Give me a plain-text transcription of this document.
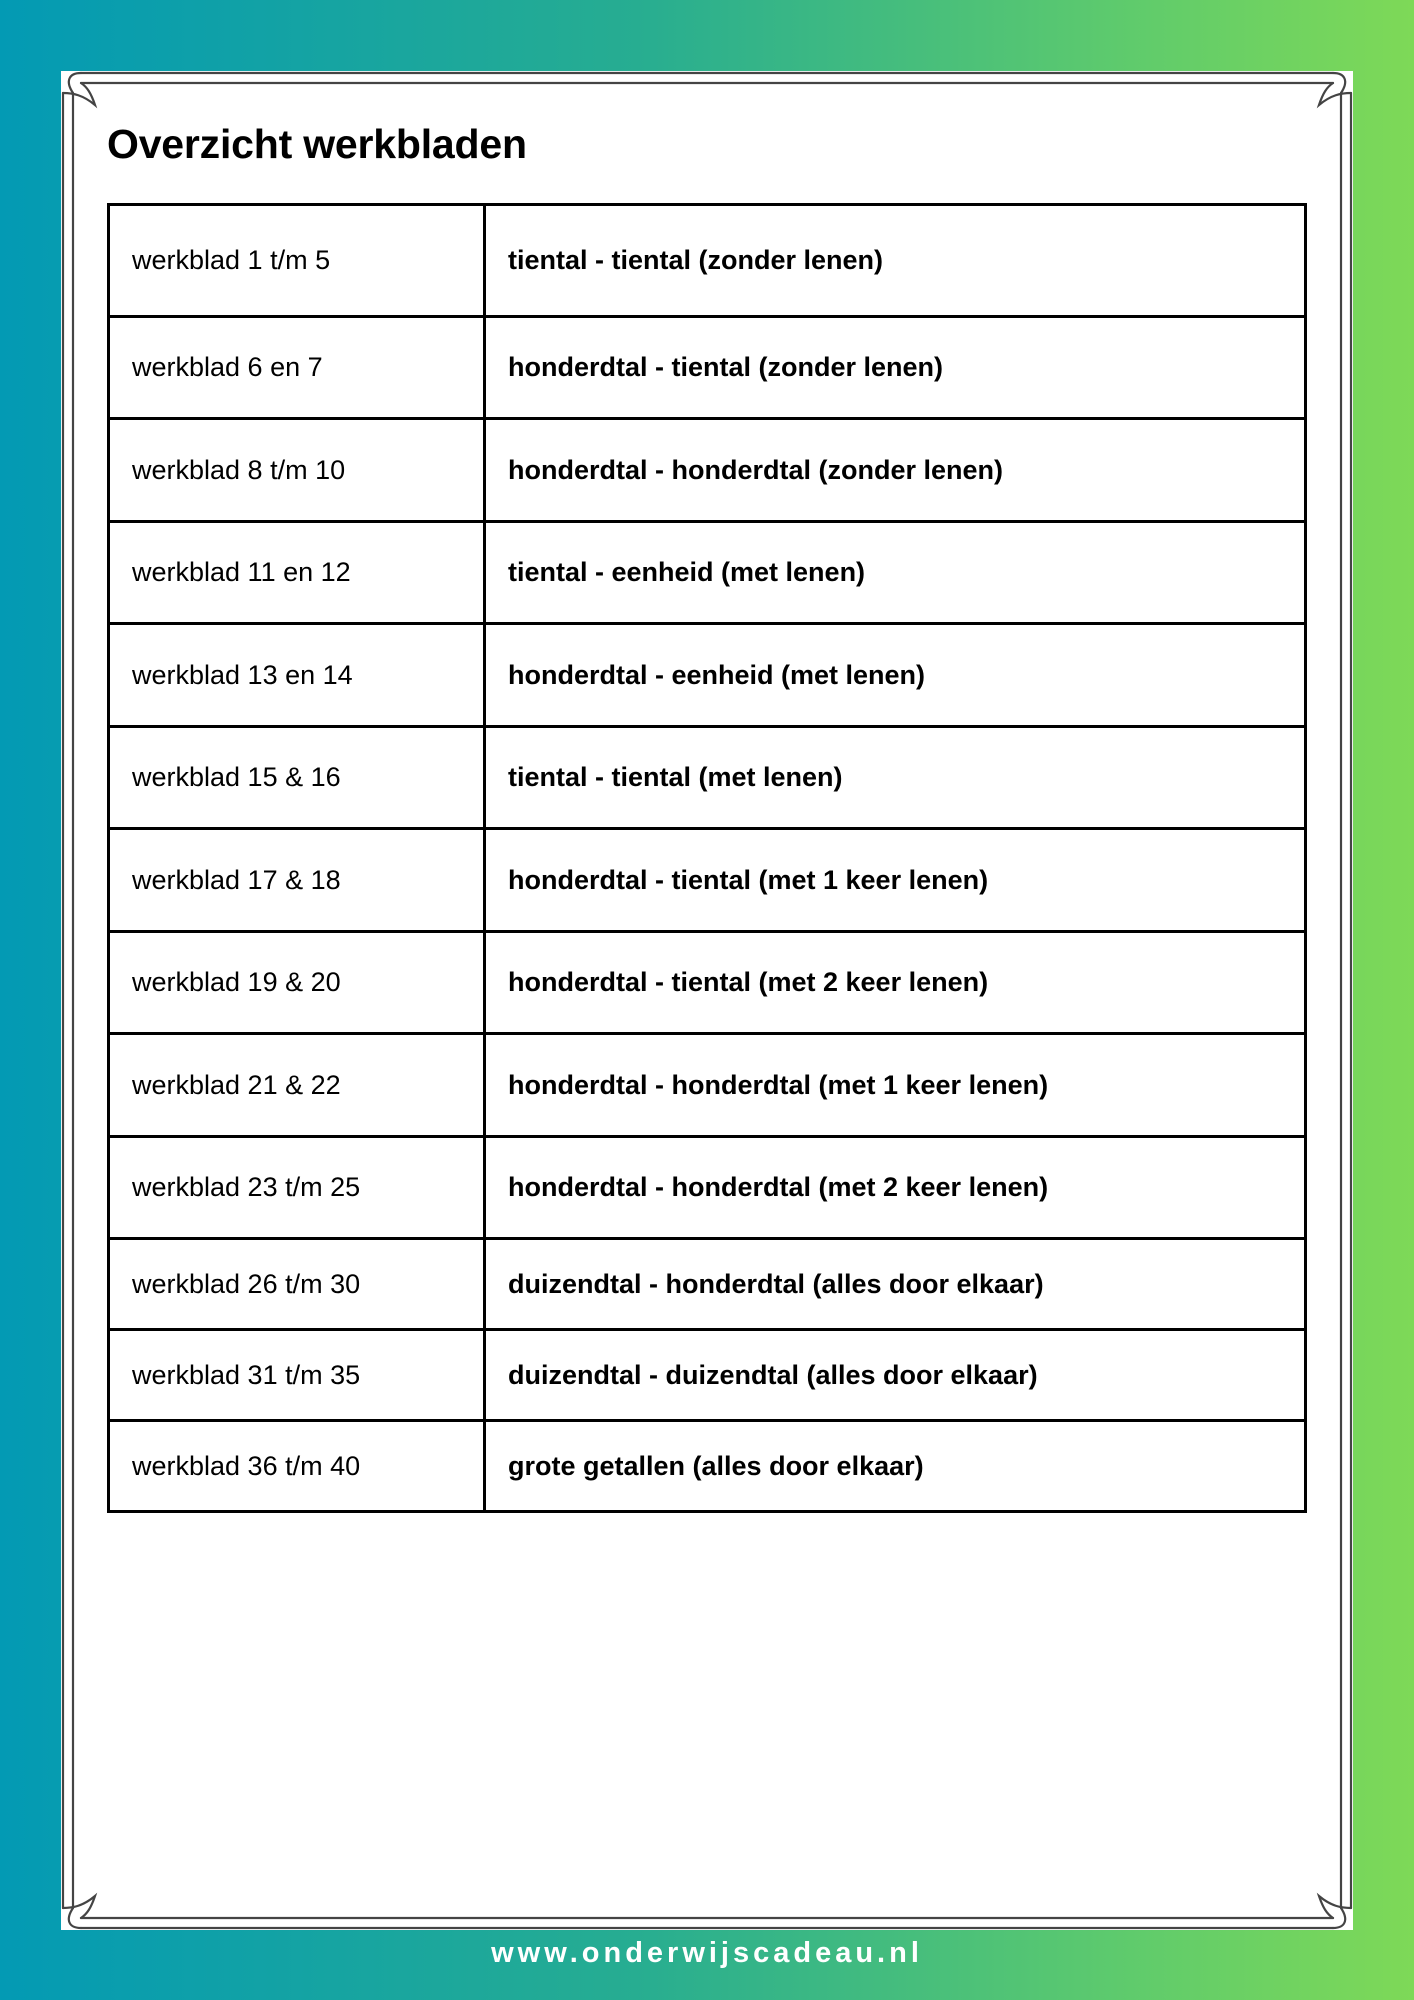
Overzicht werkbladen
werkblad 1 t/m 5	tiental - tiental (zonder lenen)
werkblad 6 en 7	honderdtal - tiental (zonder lenen)
werkblad 8 t/m 10	honderdtal - honderdtal (zonder lenen)
werkblad 11 en 12	tiental - eenheid (met lenen)
werkblad 13 en 14	honderdtal - eenheid (met lenen)
werkblad 15 & 16	tiental - tiental (met lenen)
werkblad 17 & 18	honderdtal - tiental (met 1 keer lenen)
werkblad 19 & 20	honderdtal - tiental (met 2 keer lenen)
werkblad 21 & 22	honderdtal - honderdtal (met 1 keer lenen)
werkblad 23 t/m 25	honderdtal - honderdtal (met 2 keer lenen)
werkblad 26 t/m 30	duizendtal - honderdtal (alles door elkaar)
werkblad 31 t/m 35	duizendtal - duizendtal (alles door elkaar)
werkblad 36 t/m 40	grote getallen (alles door elkaar)
www.onderwijscadeau.nl
